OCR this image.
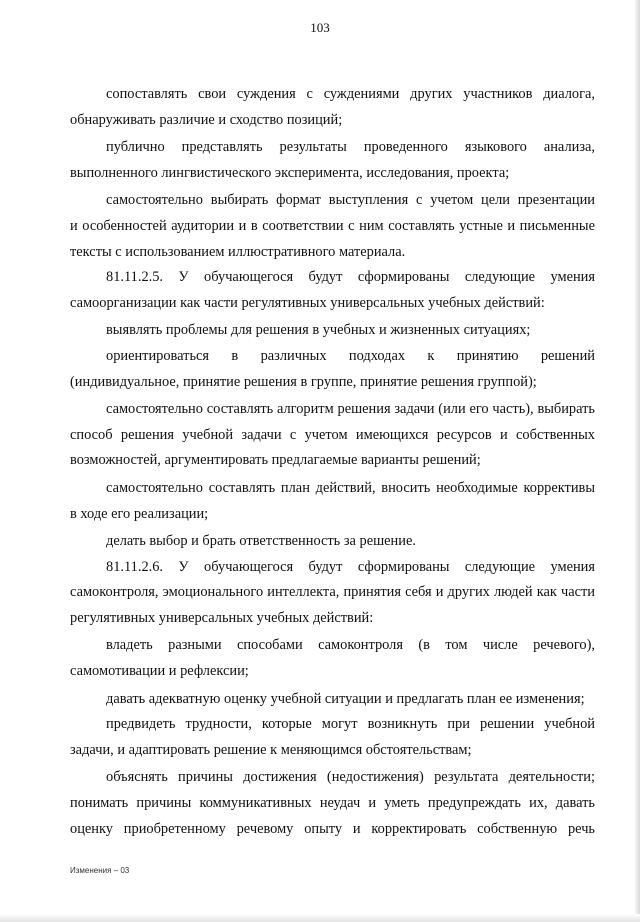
103
сопоставлять свои суждения с суждениями других участников диалога,
обнаруживать различие и сходство позиций;
публично представлять результаты проведенного языкового анализа,
выполненного лингвистического эксперимента, исследования, проекта;
самостоятельно выбирать формат выступления с учетом цели презентации
и особенностей аудитории и в соответствии с ним составлять устные и письменные
тексты с использованием иллюстративного материала.
81.11.2.5. У обучающегося будут сформированы следующие умения
самоорганизации как части регулятивных универсальных учебных действий:
выявлять проблемы для решения в учебных и жизненных ситуациях;
ориентироваться в различных подходах к принятию решений
(индивидуальное, принятие решения в группе, принятие решения группой);
самостоятельно составлять алгоритм решения задачи (или его часть), выбирать
способ решения учебной задачи с учетом имеющихся ресурсов и собственных
возможностей, аргументировать предлагаемые варианты решений;
самостоятельно составлять план действий, вносить необходимые коррективы
в ходе его реализации;
делать выбор и брать ответственность за решение.
81.11.2.6. У обучающегося будут сформированы следующие умения
самоконтроля, эмоционального интеллекта, принятия себя и других людей как части
регулятивных универсальных учебных действий:
владеть разными способами самоконтроля (в том числе речевого),
самомотивации и рефлексии;
давать адекватную оценку учебной ситуации и предлагать план ее изменения;
предвидеть трудности, которые могут возникнуть при решении учебной
задачи, и адаптировать решение к меняющимся обстоятельствам;
объяснять причины достижения (недостижения) результата деятельности;
понимать причины коммуникативных неудач и уметь предупреждать их, давать
оценку приобретенному речевому опыту и корректировать собственную речь
Изменения – 03
